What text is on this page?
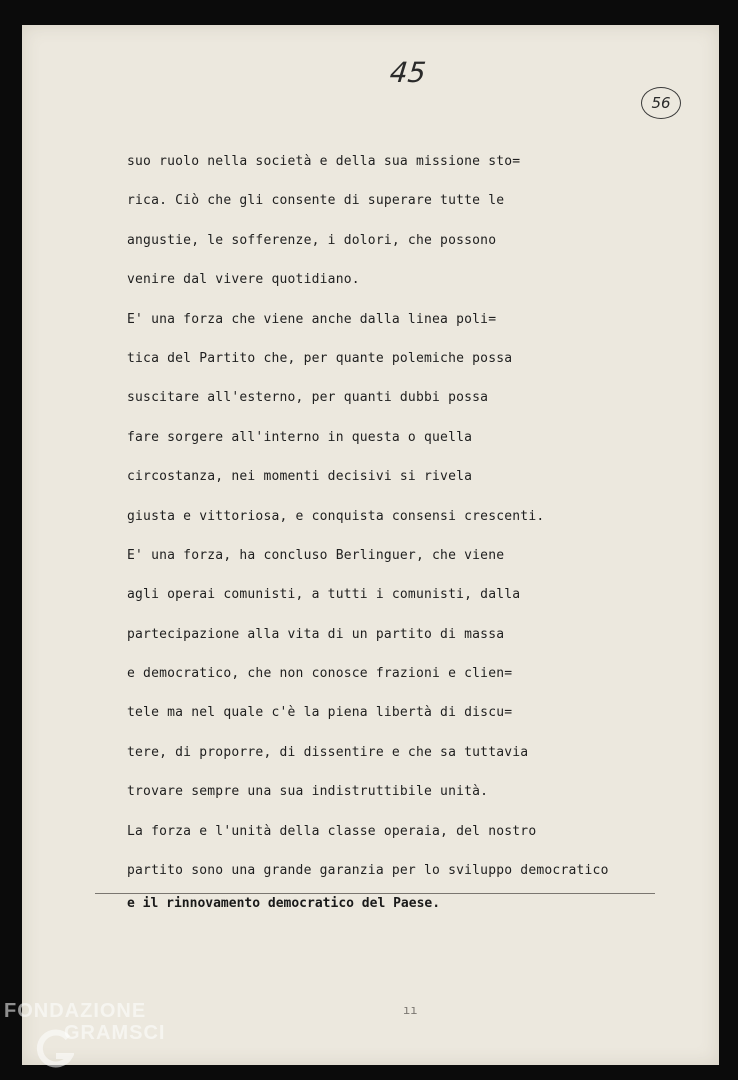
45
56
suo ruolo nella società e della sua missione sto=
rica. Ciò che gli consente di superare tutte le
angustie, le sofferenze, i dolori, che possono
venire dal vivere quotidiano.
E' una forza che viene anche dalla linea poli=
tica del Partito che, per quante polemiche possa
suscitare all'esterno, per quanti dubbi possa
fare sorgere all'interno in questa o quella
circostanza, nei momenti decisivi si rivela
giusta e vittoriosa, e conquista consensi crescenti.
E' una forza, ha concluso Berlinguer, che viene
agli operai comunisti, a tutti i comunisti, dalla
partecipazione alla vita di un partito di massa
e democratico, che non conosce frazioni e clien=
tele ma nel quale c'è la piena libertà di discu=
tere, di proporre, di dissentire e che sa tuttavia
trovare sempre una sua indistruttibile unità.
La forza e l'unità della classe operaia, del nostro
partito sono una grande garanzia per lo sviluppo democratico
e il rinnovamento democratico del Paese.
ıı
FONDAZIONE
GRAMSCI
